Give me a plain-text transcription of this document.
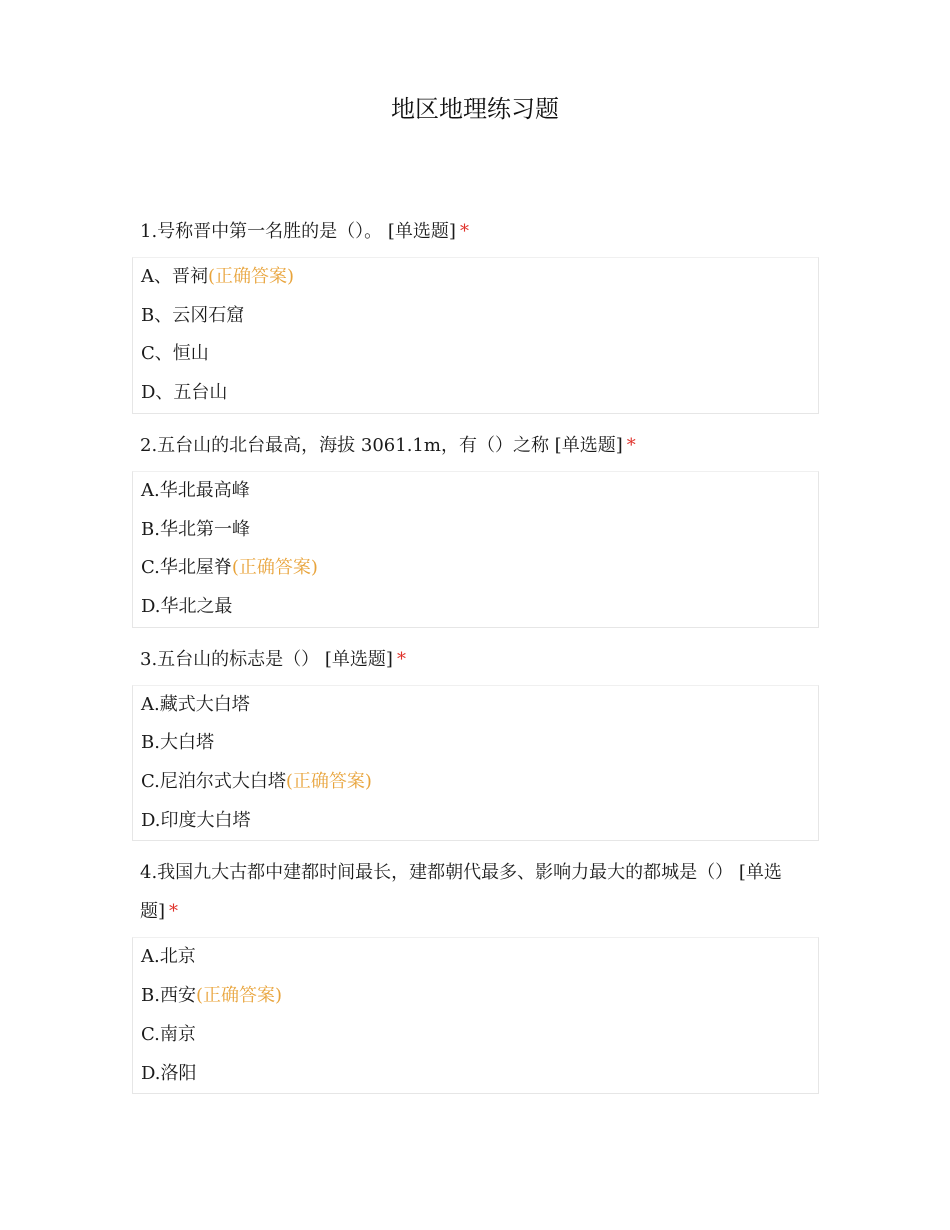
地区地理练习题
1.号称晋中第一名胜的是（）。 [单选题] *
A、晋祠(正确答案)
B、云冈石窟
C、恒山
D、五台山
2.五台山的北台最高，海拔 3061.1m，有（）之称 [单选题] *
A.华北最高峰
B.华北第一峰
C.华北屋脊(正确答案)
D.华北之最
3.五台山的标志是（） [单选题] *
A.藏式大白塔
B.大白塔
C.尼泊尔式大白塔(正确答案)
D.印度大白塔
4.我国九大古都中建都时间最长，建都朝代最多、影响力最大的都城是（） [单选题] *
A.北京
B.西安(正确答案)
C.南京
D.洛阳
